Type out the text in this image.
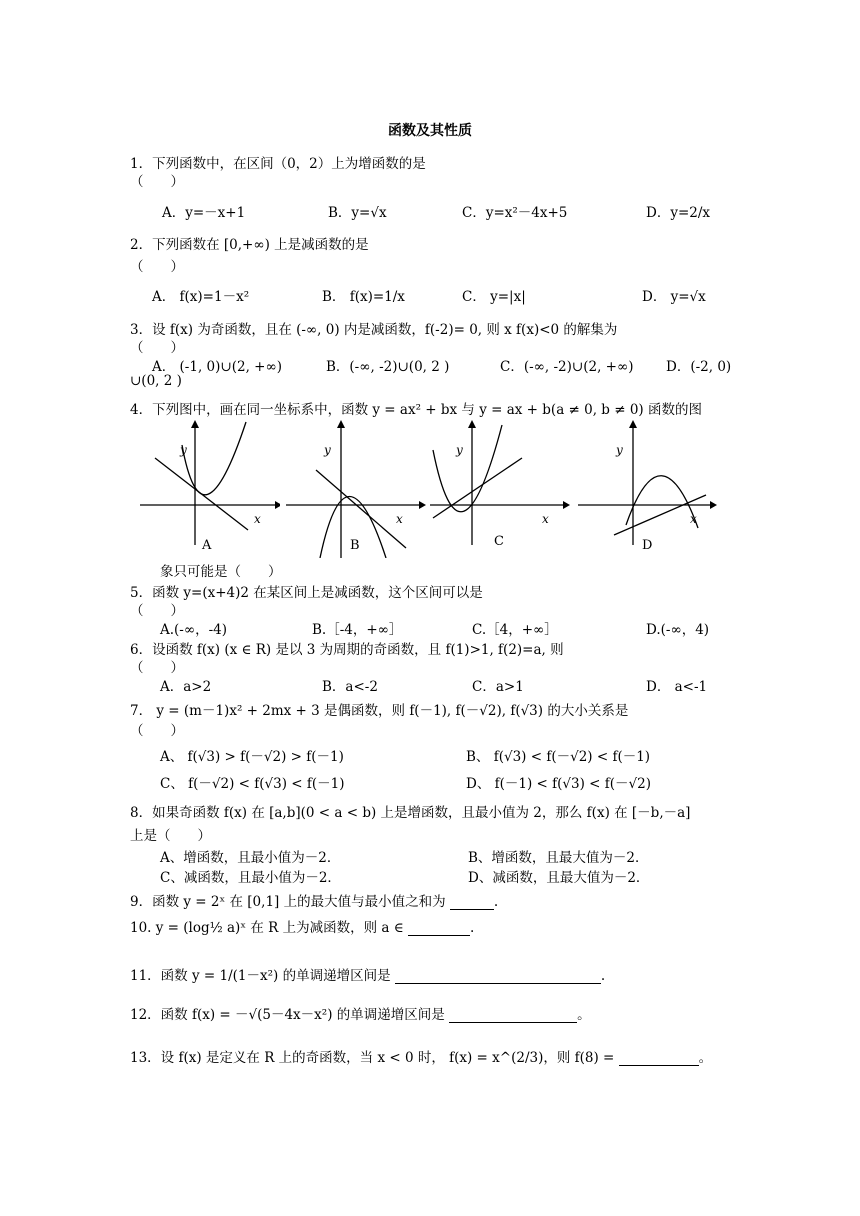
函数及其性质
1．下列函数中，在区间（0，2）上为增函数的是
（　　）
A．y=－x+1	B．y=√x	C．y=x²－4x+5	D．y=2/x
2．下列函数在 [0,+∞) 上是减函数的是
（　　）
A． f(x)=1－x²	B． f(x)=1/x	C． y=|x|	D． y=√x
3．设 f(x) 为奇函数，且在 (-∞, 0) 内是减函数，f(-2)= 0, 则 x f(x)<0 的解集为
（　　）
A． (-1, 0)∪(2, +∞)	B．(-∞, -2)∪(0, 2 )	C．(-∞, -2)∪(2, +∞) D．(-2, 0)
∪(0, 2 )
4．下列图中，画在同一坐标系中，函数 y = ax² + bx 与 y = ax + b(a ≠ 0, b ≠ 0) 函数的图
y
x
A
y
x
B
y
x
C
y
x
D
象只可能是（　　）
5．函数 y=(x+4)2 在某区间上是减函数，这个区间可以是
（　　）
A.(-∞，-4)	B.［-4，+∞］	C.［4，+∞］	D.(-∞，4)
6．设函数 f(x) (x ∈ R) 是以 3 为周期的奇函数，且 f(1)>1, f(2)=a, 则
（　　）
A．a>2	B．a<-2	C．a>1	D． a<-1
7． y = (m－1)x² + 2mx + 3 是偶函数，则 f(－1), f(－√2), f(√3) 的大小关系是
（　　）
A、 f(√3) > f(－√2) > f(－1)	B、 f(√3) < f(－√2) < f(－1)
C、 f(－√2) < f(√3) < f(－1)	D、 f(－1) < f(√3) < f(－√2)
8．如果奇函数 f(x) 在 [a,b](0 < a < b) 上是增函数，且最小值为 2，那么 f(x) 在 [－b,－a]
上是（　　）
A、增函数，且最小值为－2．	B、增函数，且最大值为－2．
C、减函数，且最小值为－2．	D、减函数，且最大值为－2．
9．函数 y = 2ˣ 在 [0,1] 上的最大值与最小值之和为	.
10. y = (log½ a)ˣ 在 R 上为减函数，则 a ∈	.
11．函数 y = 1/(1－x²) 的单调递增区间是	.
12．函数 f(x) = －√(5－4x－x²) 的单调递增区间是	。
13．设 f(x) 是定义在 R 上的奇函数，当 x < 0 时， f(x) = x^(2/3)，则 f(8) =	。
